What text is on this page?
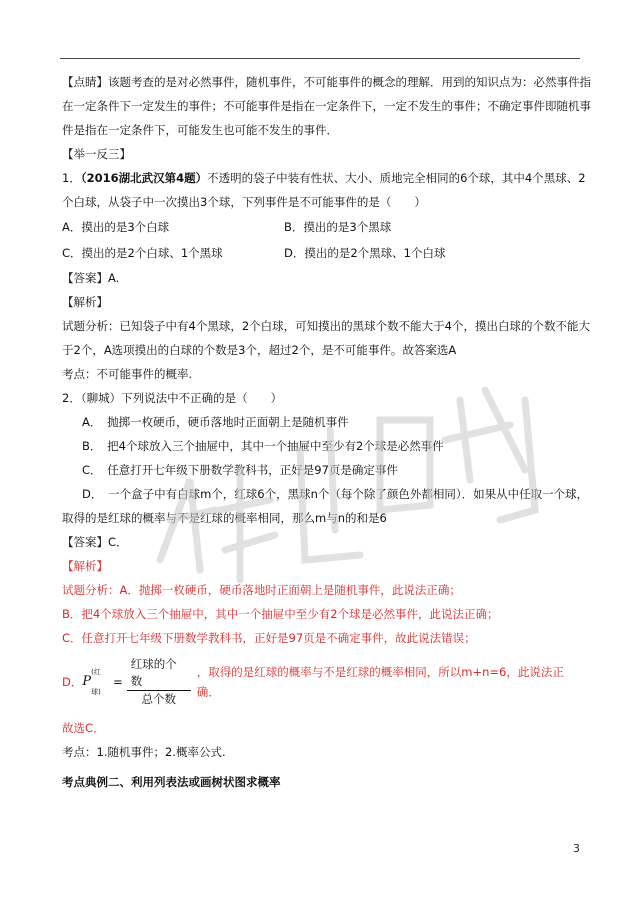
【点睛】该题考查的是对必然事件，随机事件，不可能事件的概念的理解．用到的知识点为：必然事件指
在一定条件下一定发生的事件；不可能事件是指在一定条件下，一定不发生的事件；不确定事件即随机事
件是指在一定条件下，可能发生也可能不发生的事件．
【举一反三】
1．（2016湖北武汉第4题）不透明的袋子中装有性状、大小、质地完全相同的6个球，其中4个黑球、2
个白球，从袋子中一次摸出3个球，下列事件是不可能事件的是（　　）
A．摸出的是3个白球	B．摸出的是3个黑球
C．摸出的是2个白球、1个黑球	D．摸出的是2个黑球、1个白球
【答案】A.
【解析】
试题分析：已知袋子中有4个黑球，2个白球，可知摸出的黑球个数不能大于4个，摸出白球的个数不能大
于2个，A选项摸出的白球的个数是3个，超过2个，是不可能事件。故答案选A
考点：不可能事件的概率.
2．（聊城）下列说法中不正确的是（　　）
A．　抛掷一枚硬币，硬币落地时正面朝上是随机事件
B．　把4个球放入三个抽屉中，其中一个抽屉中至少有2个球是必然事件
C．　任意打开七年级下册数学教科书，正好是97页是确定事件
D．　一个盒子中有白球m个，红球6个，黑球n个（每个除了颜色外都相同）．如果从中任取一个球，
取得的是红球的概率与不是红球的概率相同，那么m与n的和是6
【答案】C．
【解析】
试题分析：A．抛掷一枚硬币，硬币落地时正面朝上是随机事件，此说法正确；
B．把4个球放入三个抽屉中，其中一个抽屉中至少有2个球是必然事件，此说法正确；
C．任意打开七年级下册数学教科书，正好是97页是不确定事件，故此说法错误；
D． P
(红球)
= $\frac{\text{红球的个数}}{\text{总个数}}$ ，取得的是红球的概率与不是红球的概率相同，所以m+n=6，此说法正确．
故选C．
考点：1.随机事件；2.概率公式.
考点典例二、利用列表法或画树状图求概率
3
